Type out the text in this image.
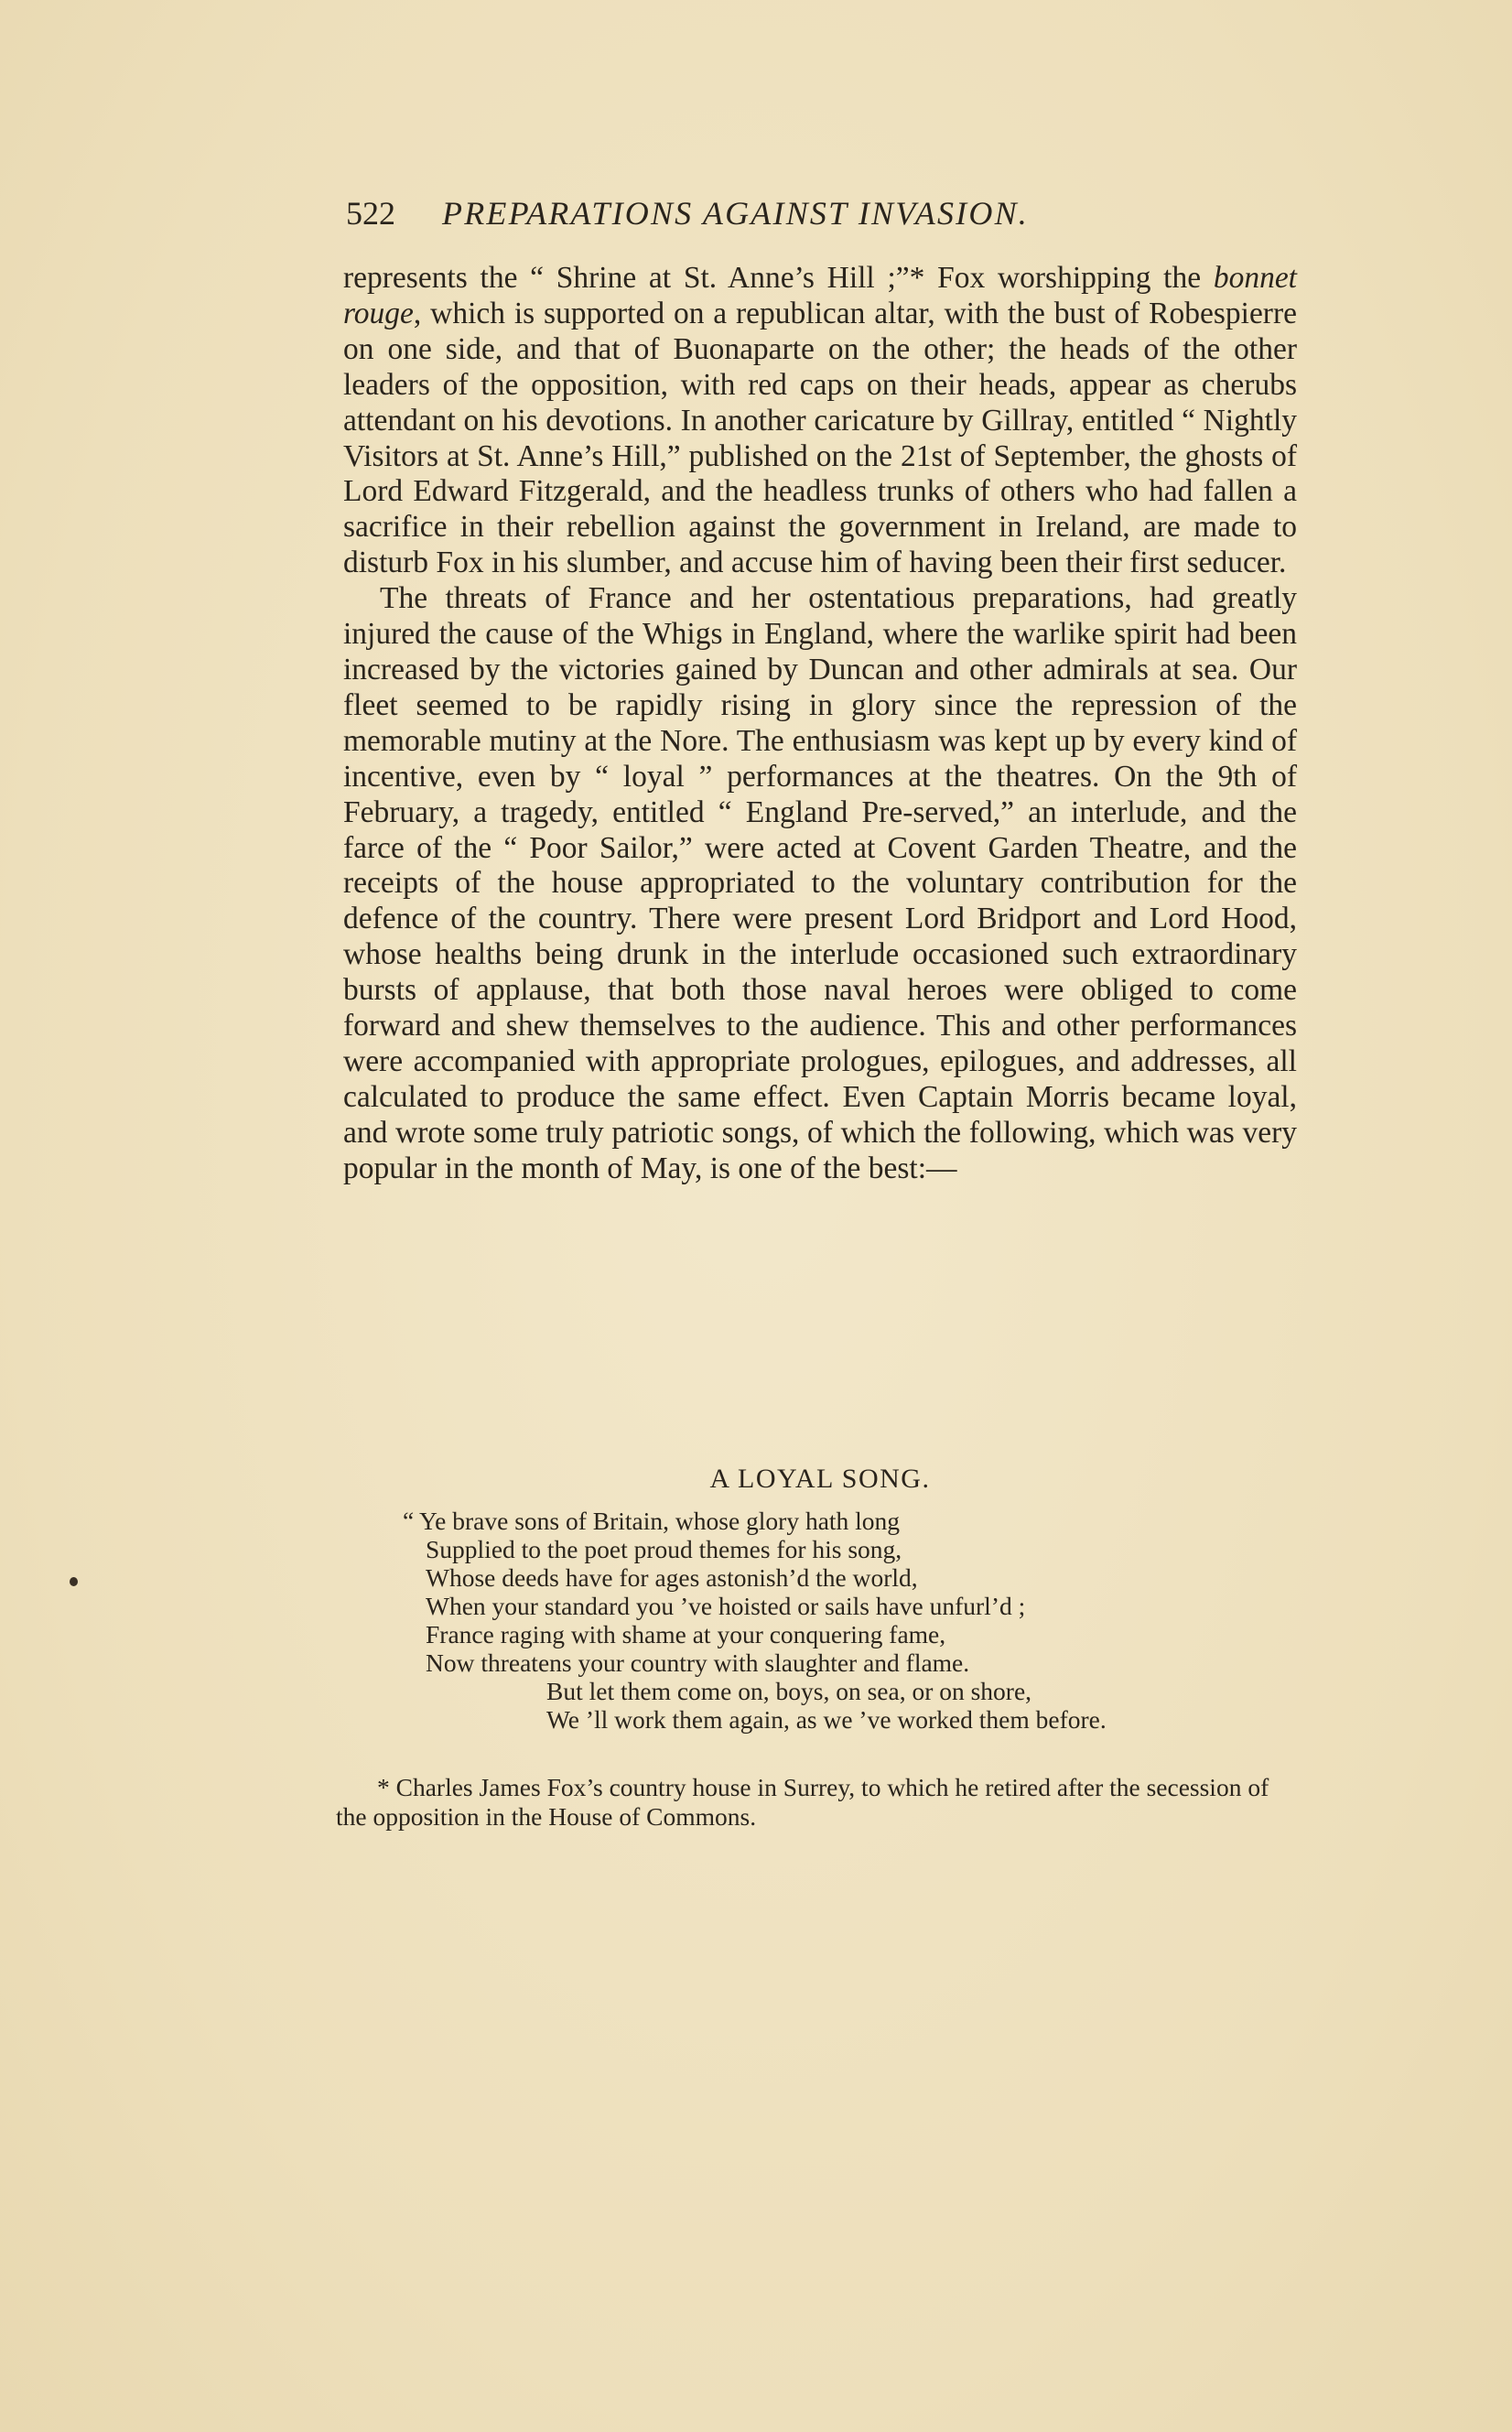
522 PREPARATIONS AGAINST INVASION.

represents the “ Shrine at St. Anne’s Hill ;”* Fox worshipping the bonnet rouge, which is supported on a republican altar, with the bust of Robespierre on one side, and that of Buonaparte on the other; the heads of the other leaders of the opposition, with red caps on their heads, appear as cherubs attendant on his devotions. In another caricature by Gillray, entitled “ Nightly Visitors at St. Anne’s Hill,” published on the 21st of September, the ghosts of Lord Edward Fitzgerald, and the headless trunks of others who had fallen a sacrifice in their rebellion against the government in Ireland, are made to disturb Fox in his slumber, and accuse him of having been their first seducer.

The threats of France and her ostentatious preparations, had greatly injured the cause of the Whigs in England, where the warlike spirit had been increased by the victories gained by Duncan and other admirals at sea. Our fleet seemed to be rapidly rising in glory since the repression of the memorable mutiny at the Nore. The enthusiasm was kept up by every kind of incentive, even by “ loyal ” performances at the theatres. On the 9th of February, a tragedy, entitled “ England Pre-served,” an interlude, and the farce of the “ Poor Sailor,” were acted at Covent Garden Theatre, and the receipts of the house appropriated to the voluntary contribution for the defence of the country. There were present Lord Bridport and Lord Hood, whose healths being drunk in the interlude occasioned such extraordinary bursts of applause, that both those naval heroes were obliged to come forward and shew themselves to the audience. This and other performances were accompanied with appropriate prologues, epilogues, and addresses, all calculated to produce the same effect. Even Captain Morris became loyal, and wrote some truly patriotic songs, of which the following, which was very popular in the month of May, is one of the best:—

A LOYAL SONG.
“ Ye brave sons of Britain, whose glory hath long
Supplied to the poet proud themes for his song,
Whose deeds have for ages astonish’d the world,
When your standard you ’ve hoisted or sails have unfurl’d ;
France raging with shame at your conquering fame,
Now threatens your country with slaughter and flame.
But let them come on, boys, on sea, or on shore,
We ’ll work them again, as we ’ve worked them before.

* Charles James Fox’s country house in Surrey, to which he retired after the secession of the opposition in the House of Commons.
